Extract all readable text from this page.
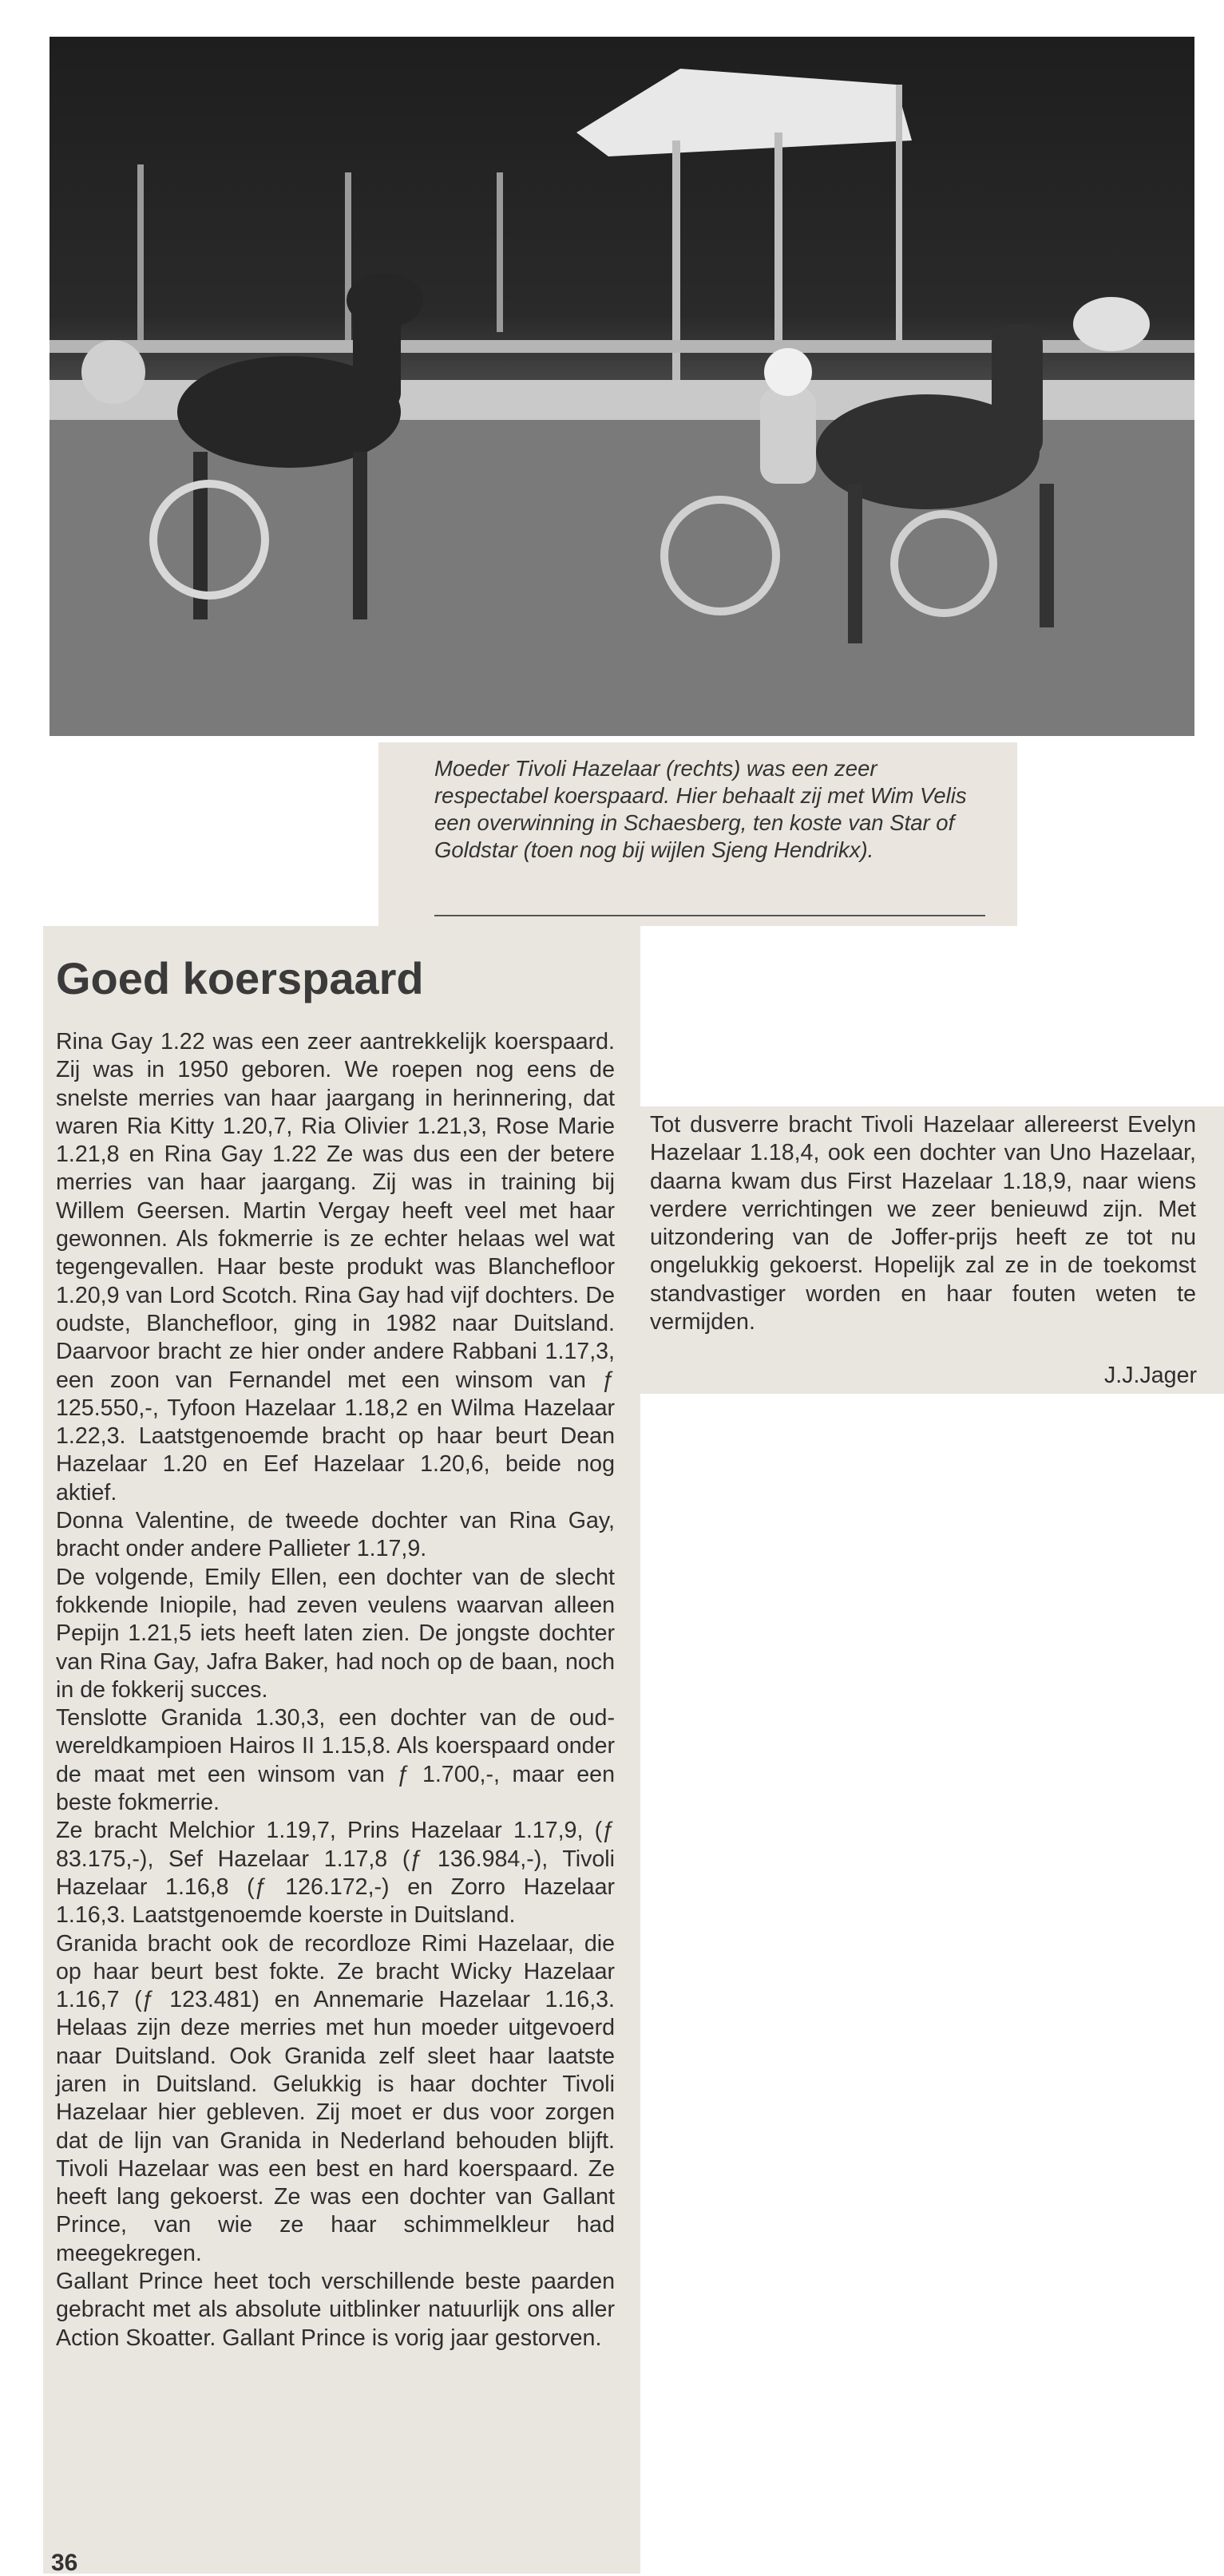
Moeder Tivoli Hazelaar (rechts) was een zeer respectabel koerspaard. Hier behaalt zij met Wim Velis een overwinning in Schaesberg, ten koste van Star of Goldstar (toen nog bij wijlen Sjeng Hendrikx).
Goed koerspaard

Rina Gay 1.22 was een zeer aantrekkelijk koerspaard. Zij was in 1950 geboren. We roepen nog eens de snelste merries van haar jaargang in herinnering, dat waren Ria Kitty 1.20,7, Ria Olivier 1.21,3, Rose Marie 1.21,8 en Rina Gay 1.22 Ze was dus een der betere merries van haar jaargang. Zij was in training bij Willem Geersen. Martin Vergay heeft veel met haar gewonnen. Als fokmerrie is ze echter helaas wel wat tegengevallen. Haar beste produkt was Blanchefloor 1.20,9 van Lord Scotch. Rina Gay had vijf dochters. De oudste, Blanchefloor, ging in 1982 naar Duitsland. Daarvoor bracht ze hier onder andere Rabbani 1.17,3, een zoon van Fernandel met een winsom van ƒ 125.550,-, Tyfoon Hazelaar 1.18,2 en Wilma Hazelaar 1.22,3. Laatstgenoemde bracht op haar beurt Dean Hazelaar 1.20 en Eef Hazelaar 1.20,6, beide nog aktief.

Donna Valentine, de tweede dochter van Rina Gay, bracht onder andere Pallieter 1.17,9.

De volgende, Emily Ellen, een dochter van de slecht fokkende Iniopile, had zeven veulens waarvan alleen Pepijn 1.21,5 iets heeft laten zien. De jongste dochter van Rina Gay, Jafra Baker, had noch op de baan, noch in de fokkerij succes.

Tenslotte Granida 1.30,3, een dochter van de oud-wereldkampioen Hairos II 1.15,8. Als koerspaard onder de maat met een winsom van ƒ 1.700,-, maar een beste fokmerrie.

Ze bracht Melchior 1.19,7, Prins Hazelaar 1.17,9, (ƒ 83.175,-), Sef Hazelaar 1.17,8 (ƒ 136.984,-), Tivoli Hazelaar 1.16,8 (ƒ 126.172,-) en Zorro Hazelaar 1.16,3. Laatstgenoemde koerste in Duitsland.

Granida bracht ook de recordloze Rimi Hazelaar, die op haar beurt best fokte. Ze bracht Wicky Hazelaar 1.16,7 (ƒ 123.481) en Annemarie Hazelaar 1.16,3. Helaas zijn deze merries met hun moeder uitgevoerd naar Duitsland. Ook Granida zelf sleet haar laatste jaren in Duitsland. Gelukkig is haar dochter Tivoli Hazelaar hier gebleven. Zij moet er dus voor zorgen dat de lijn van Granida in Nederland behouden blijft. Tivoli Hazelaar was een best en hard koerspaard. Ze heeft lang gekoerst. Ze was een dochter van Gallant Prince, van wie ze haar schimmelkleur had meegekregen.

Gallant Prince heet toch verschillende beste paarden gebracht met als absolute uitblinker natuurlijk ons aller Action Skoatter. Gallant Prince is vorig jaar gestorven.

Tot dusverre bracht Tivoli Hazelaar allereerst Evelyn Hazelaar 1.18,4, ook een dochter van Uno Hazelaar, daarna kwam dus First Hazelaar 1.18,9, naar wiens verdere verrichtingen we zeer benieuwd zijn. Met uitzondering van de Joffer-prijs heeft ze tot nu ongelukkig gekoerst. Hopelijk zal ze in de toekomst standvastiger worden en haar fouten weten te vermijden.
J.J.Jager
36
